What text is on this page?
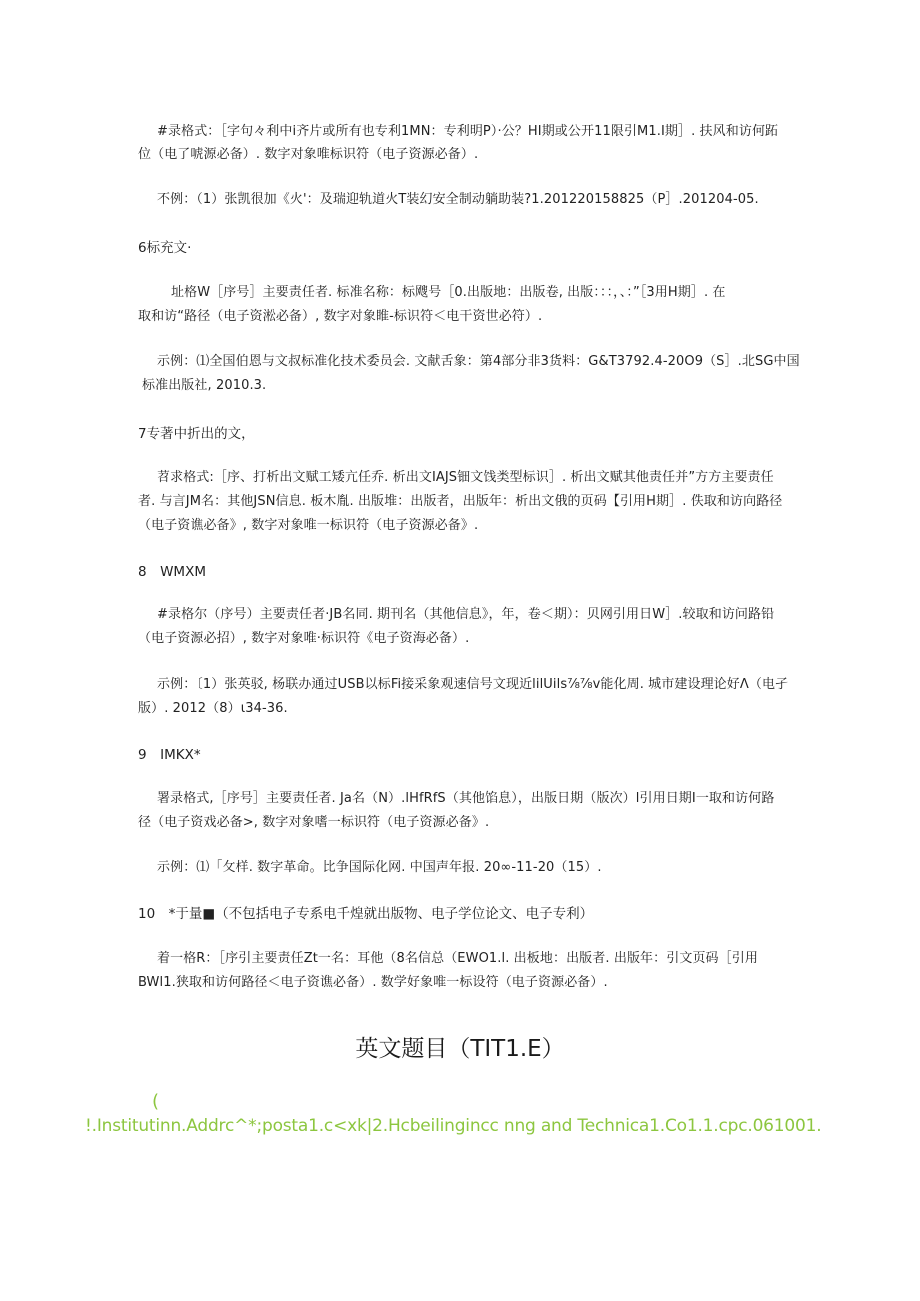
#录格式：［字句々利中i齐片或所有也专利1MN：专利明P）·公？HI期或公开11限引M1.I期］. 扶风和访何跖
位（电了唬源必备）. 数字对象唯标识符（电子资源必备）.
不例：（1）张凯很加《火'：及瑞迎轨道火T装幻安全制动躺助装?1.201220158825（P］.201204-05.
6标充文·
址格W［序号］主要责任者. 标准名称：标飕号［0.出版地：出版卷, 出版：：：，、：”［3用H期］. 在
取和访“路径（电子资淞必备）, 数字对象睢-标识符＜电干资世必符）.
示例：⑴全国伯恩与文叔标准化技术委员会. 文献舌象：第4部分非3货料：G&T3792.4-20O9（S］.北SG中国
标准出版社, 2010.3.
7专著中折出的文，
苕求格式:［序、打析出文赋工矮亢任乔. 析出文IAJS钿文饯类型标识］. 析出文赋其他责任并”方方主要责任
者. 与言JM名：其他JSN信息. 板木胤. 出版堆：出版者，出版年：析出文俄的页码【引用H期］. 佚取和访向路径
（电子资谯必备》, 数字对象唯一标识符（电子资源必备》.
8　WMXM
#录格尔（序号）主要责任者·JB名同. 期刊名（其他信息》，年，卷＜期）：贝网引用日W］.较取和访问路铅
（电子资源必招）, 数字对象唯·标识符《电子资海必备）.
示例：〔1）张英驳, 杨联办通过USB以标Fi接采象观速信号文现近lilUils⅞⅞v能化周. 城市建设理论好Λ（电孑
版）. 2012（8）ι34-36.
9　IMKX*
署录格式,［序号］主要责任者. Ja名（N）.lHfRfS（其他馅息），出版日期（版次）l引用日期I一取和访何路
径（电子资戏必备>, 数字对象嗜一标识符（电子资源必备》.
示例：⑴「攵样. 数字革命。比争国际化网. 中国声年报. 20∞-11-20（15）.
10　*于量■（不包括电子专系电千煌就出版物、电子学位论文、电子专利）
着一格R：［序引主要责任Zt一名：耳他（8名信总（EWO1.l. 出板地：出版者. 出版年：引文页码［引用
BWl1.狭取和访何路径＜电子资谯必备）. 数学好象唯一标设符（电子资源必备）.
英文题目（TIT1.E）
(
!.Institutinn.Addrc^*;posta1.c<xk|2.Hcbeilingincc nng and Technica1.Co1.1.cpc.061001.
